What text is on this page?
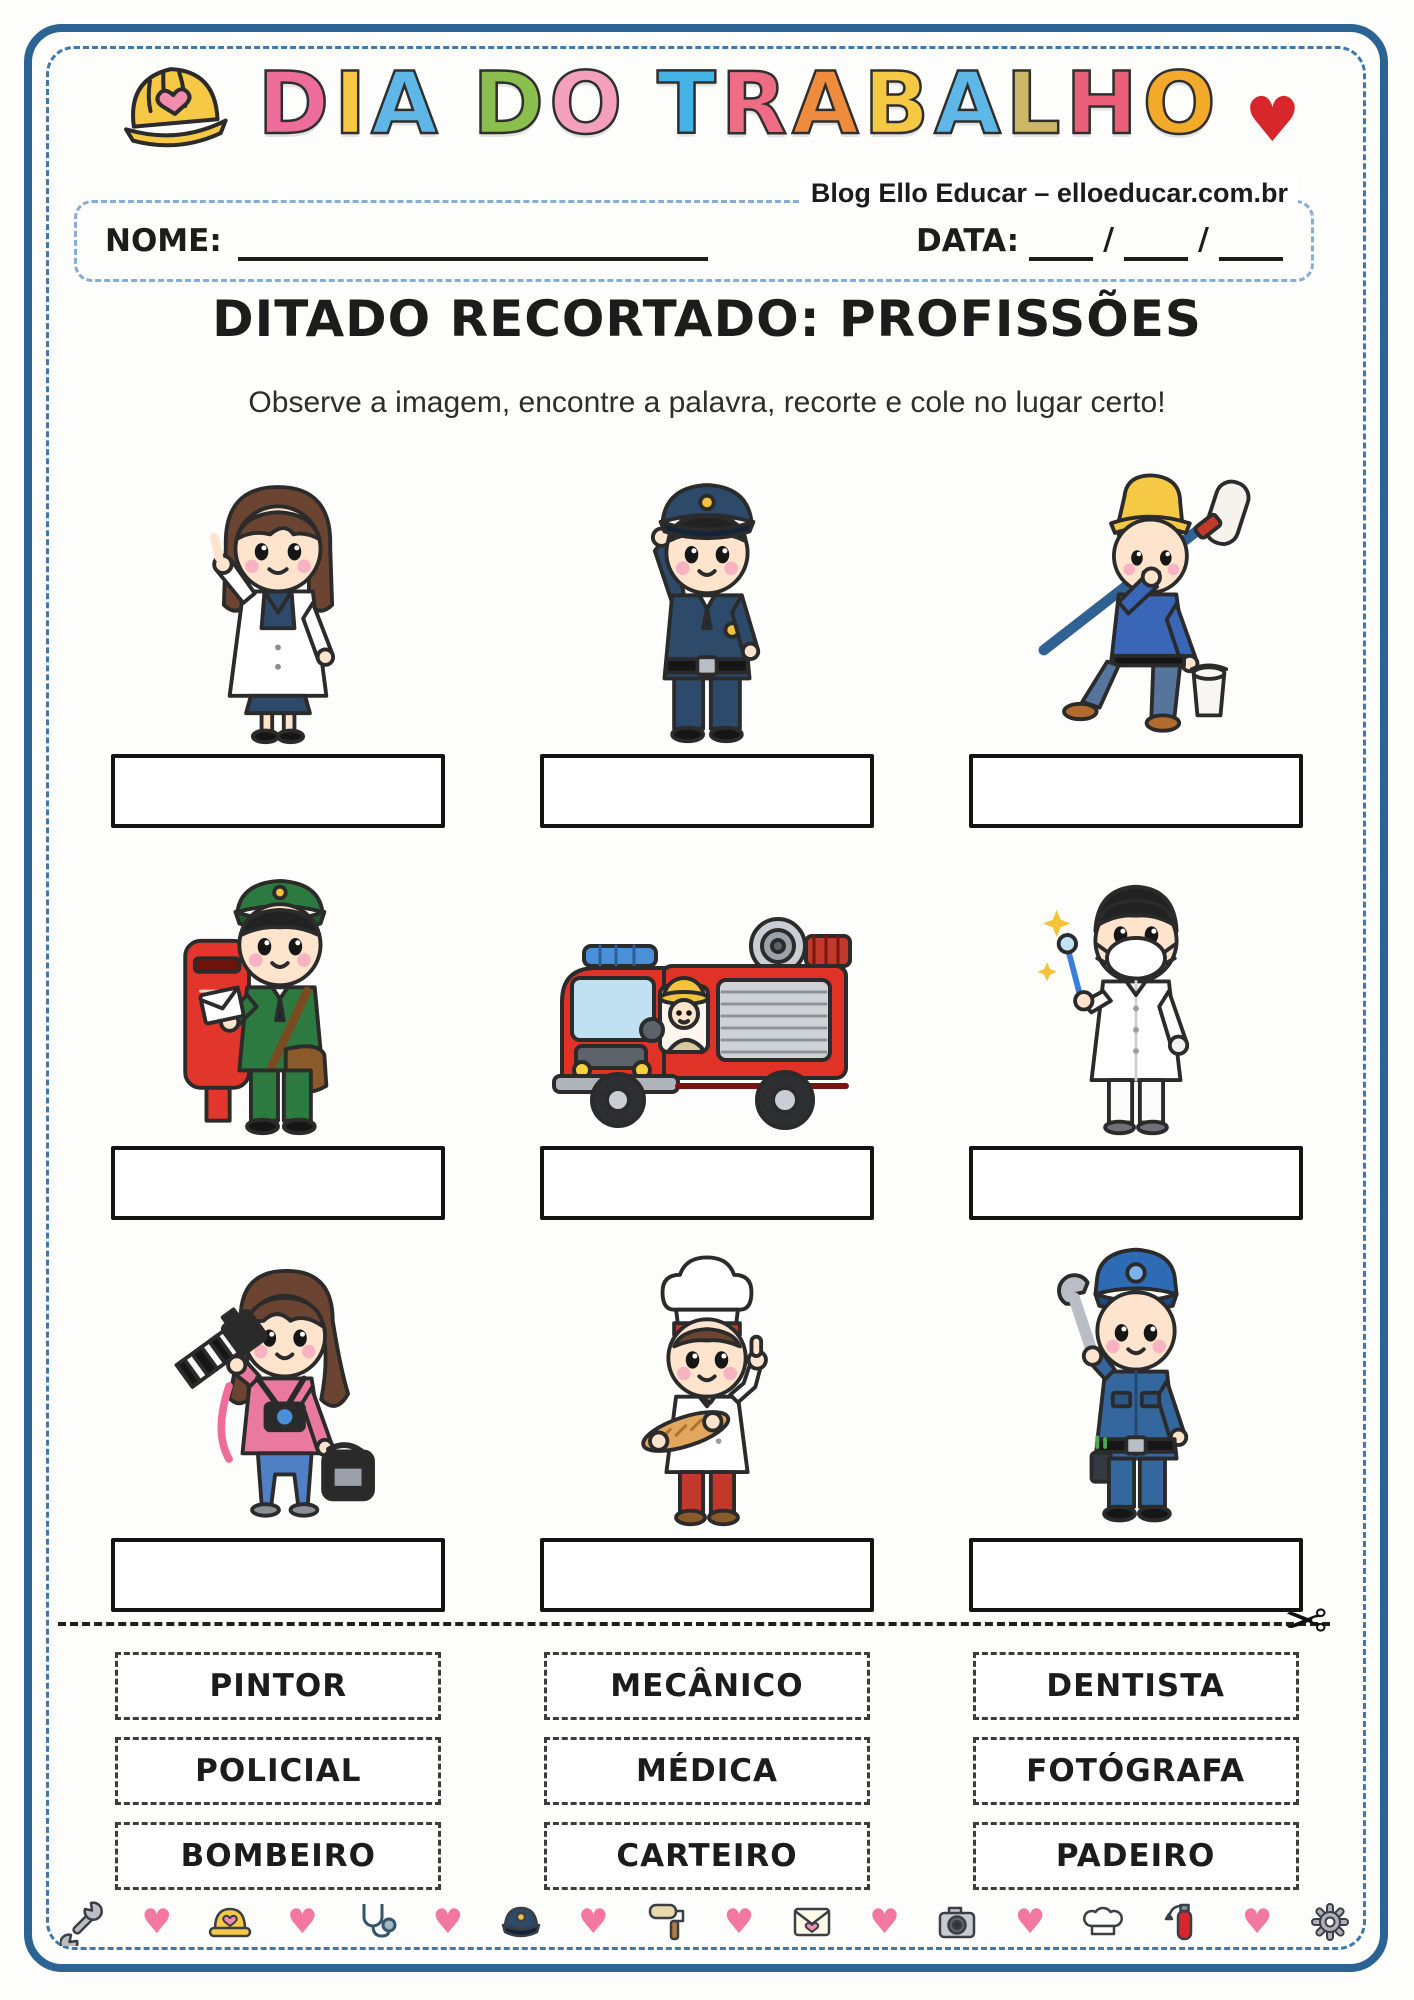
DIA DO TRABALHO ♥
Blog Ello Educar – elloeducar.com.br
NOME:	DATA:	/	/
DITADO RECORTADO: PROFISSÕES
Observe a imagem, encontre a palavra, recorte e cole no lugar certo!
✂
PINTOR	MECÂNICO	DENTISTA
POLICIAL	MÉDICA	FOTÓGRAFA
BOMBEIRO	CARTEIRO	PADEIRO
♥	♥	♥	♥	♥	♥	♥	♥
